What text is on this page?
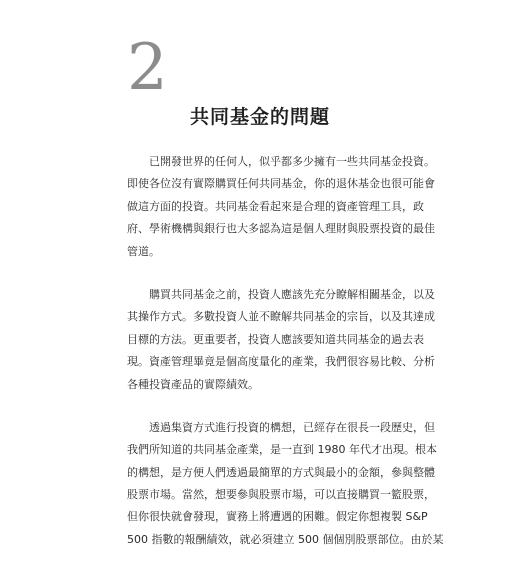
2
共同基金的問題

已開發世界的任何人，似乎都多少擁有一些共同基金投資。
即使各位沒有實際購買任何共同基金，你的退休基金也很可能會
做這方面的投資。共同基金看起來是合理的資產管理工具，政
府、學術機構與銀行也大多認為這是個人理財與股票投資的最佳
管道。

購買共同基金之前，投資人應該先充分瞭解相關基金，以及
其操作方式。多數投資人並不瞭解共同基金的宗旨，以及其達成
目標的方法。更重要者，投資人應該要知道共同基金的過去表
現。資產管理畢竟是個高度量化的產業，我們很容易比較、分析
各種投資產品的實際績效。

透過集資方式進行投資的構想，已經存在很長一段歷史，但
我們所知道的共同基金產業，是一直到 1980 年代才出現。根本
的構想，是方便人們透過最簡單的方式與最小的金額，參與整體
股票市場。當然，想要參與股票市場，可以直接購買一籃股票，
但你很快就會發現，實務上將遭遇的困難。假定你想複製 S&P
500 指數的報酬績效，就必須建立 500 個個別股票部位。由於某
